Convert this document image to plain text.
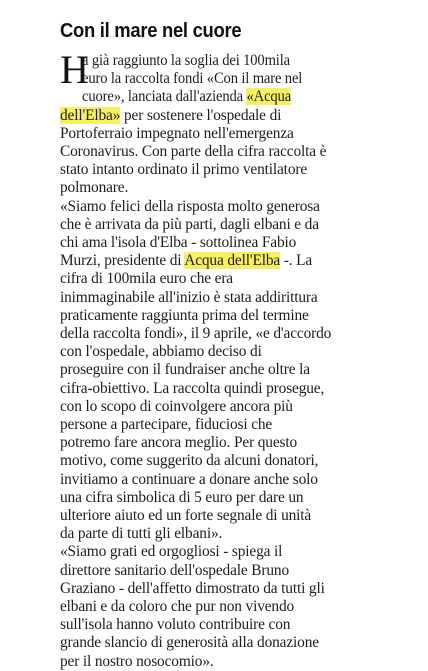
Con il mare nel cuore
H
a già raggiunto la soglia dei 100mila
euro la raccolta fondi «Con il mare nel
cuore», lanciata dall'azienda «Acqua
dell'Elba» per sostenere l'ospedale di
Portoferraio impegnato nell'emergenza
Coronavirus. Con parte della cifra raccolta è
stato intanto ordinato il primo ventilatore
polmonare.
«Siamo felici della risposta molto generosa
che è arrivata da più parti, dagli elbani e da
chi ama l'isola d'Elba - sottolinea Fabio
Murzi, presidente di Acqua dell'Elba -. La
cifra di 100mila euro che era
inimmaginabile all'inizio è stata addirittura
praticamente raggiunta prima del termine
della raccolta fondi», il 9 aprile, «e d'accordo
con l'ospedale, abbiamo deciso di
proseguire con il fundraiser anche oltre la
cifra-obiettivo. La raccolta quindi prosegue,
con lo scopo di coinvolgere ancora più
persone a partecipare, fiduciosi che
potremo fare ancora meglio. Per questo
motivo, come suggerito da alcuni donatori,
invitiamo a continuare a donare anche solo
una cifra simbolica di 5 euro per dare un
ulteriore aiuto ed un forte segnale di unità
da parte di tutti gli elbani».
«Siamo grati ed orgogliosi - spiega il
direttore sanitario dell'ospedale Bruno
Graziano - dell'affetto dimostrato da tutti gli
elbani e da coloro che pur non vivendo
sull'isola hanno voluto contribuire con
grande slancio di generosità alla donazione
per il nostro nosocomio».
